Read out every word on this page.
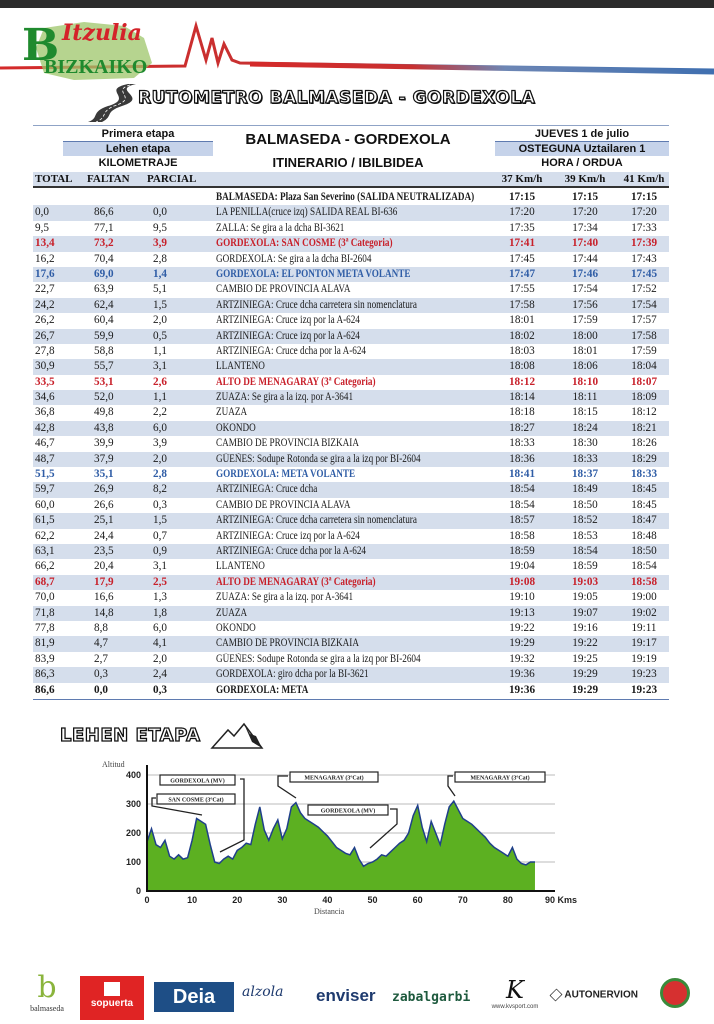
B Itzulia
BIZKAIKO
RUTOMETRO BALMASEDA - GORDEXOLA
Primera etapa
Lehen etapa
KILOMETRAJE
BALMASEDA - GORDEXOLA
ITINERARIO / IBILBIDEA
JUEVES 1 de julio
OSTEGUNA Uztailaren 1
HORA / ORDUA
TOTAL FALTAN PARCIAL	37 Km/h	39 Km/h	41 Km/h
BALMASEDA: Plaza San Severino (SALIDA NEUTRALIZADA)	17:15	17:15	17:15
0,0	86,6	0,0	LA PENILLA(cruce izq) SALIDA REAL BI-636	17:20	17:20	17:20
9,5	77,1	9,5	ZALLA: Se gira a la dcha BI-3621	17:35	17:34	17:33
13,4	73,2	3,9	GORDEXOLA: SAN COSME (3ª Categoria)	17:41	17:40	17:39
16,2	70,4	2,8	GORDEXOLA: Se gira a la dcha BI-2604	17:45	17:44	17:43
17,6	69,0	1,4	GORDEXOLA: EL PONTON META VOLANTE	17:47	17:46	17:45
22,7	63,9	5,1	CAMBIO DE PROVINCIA ALAVA	17:55	17:54	17:52
24,2	62,4	1,5	ARTZINIEGA: Cruce dcha carretera sin nomenclatura	17:58	17:56	17:54
26,2	60,4	2,0	ARTZINIEGA: Cruce izq por la A-624	18:01	17:59	17:57
26,7	59,9	0,5	ARTZINIEGA: Cruce izq por la A-624	18:02	18:00	17:58
27,8	58,8	1,1	ARTZINIEGA: Cruce dcha por la A-624	18:03	18:01	17:59
30,9	55,7	3,1	LLANTENO	18:08	18:06	18:04
33,5	53,1	2,6	ALTO DE MENAGARAY (3ª Categoria)	18:12	18:10	18:07
34,6	52,0	1,1	ZUAZA: Se gira a la izq. por A-3641	18:14	18:11	18:09
36,8	49,8	2,2	ZUAZA	18:18	18:15	18:12
42,8	43,8	6,0	OKONDO	18:27	18:24	18:21
46,7	39,9	3,9	CAMBIO DE PROVINCIA BIZKAIA	18:33	18:30	18:26
48,7	37,9	2,0	GÜEÑES: Sodupe Rotonda se gira a la izq por BI-2604	18:36	18:33	18:29
51,5	35,1	2,8	GORDEXOLA: META VOLANTE	18:41	18:37	18:33
59,7	26,9	8,2	ARTZINIEGA: Cruce dcha	18:54	18:49	18:45
60,0	26,6	0,3	CAMBIO DE PROVINCIA ALAVA	18:54	18:50	18:45
61,5	25,1	1,5	ARTZINIEGA: Cruce dcha carretera sin nomenclatura	18:57	18:52	18:47
62,2	24,4	0,7	ARTZINIEGA: Cruce izq por la A-624	18:58	18:53	18:48
63,1	23,5	0,9	ARTZINIEGA: Cruce dcha por la A-624	18:59	18:54	18:50
66,2	20,4	3,1	LLANTENO	19:04	18:59	18:54
68,7	17,9	2,5	ALTO DE MENAGARAY (3ª Categoria)	19:08	19:03	18:58
70,0	16,6	1,3	ZUAZA: Se gira a la izq. por A-3641	19:10	19:05	19:00
71,8	14,8	1,8	ZUAZA	19:13	19:07	19:02
77,8	8,8	6,0	OKONDO	19:22	19:16	19:11
81,9	4,7	4,1	CAMBIO DE PROVINCIA BIZKAIA	19:29	19:22	19:17
83,9	2,7	2,0	GÜEÑES: Sodupe Rotonda se gira a la izq por BI-2604	19:32	19:25	19:19
86,3	0,3	2,4	GORDEXOLA: giro dcha por la BI-3621	19:36	19:29	19:23
86,6	0,0	0,3	GORDEXOLA: META	19:36	19:29	19:23
LEHEN ETAPA
Altitud
Distancia
0
100
200
300
400
0	10	20	30	40	50	60	70	80	90 Kms
GORDEXOLA (MV)
SAN COSME (3ºCat)
MENAGARAY (3ºCat)
GORDEXOLA (MV)
MENAGARAY (3ºCat)
b
balmaseda	sopuerta	Deia	alzola	enviser	zabalgarbi	K
www.kvsport.com
AUTONERVION
